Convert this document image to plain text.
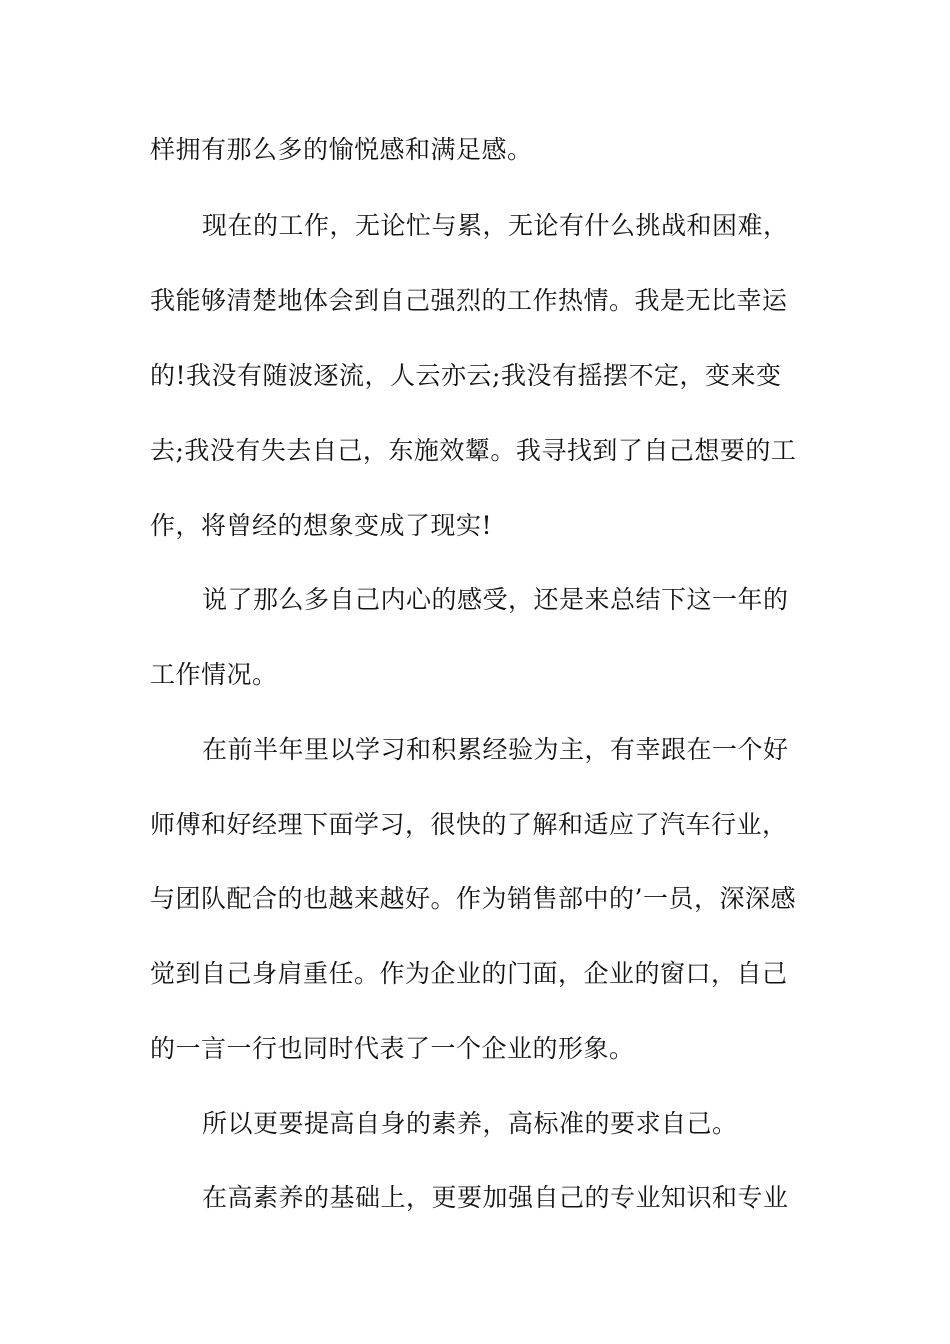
样拥有那么多的愉悦感和满足感。
现在的工作，无论忙与累，无论有什么挑战和困难，
我能够清楚地体会到自己强烈的工作热情。我是无比幸运
的!我没有随波逐流，人云亦云;我没有摇摆不定，变来变
去;我没有失去自己，东施效颦。我寻找到了自己想要的工
作，将曾经的想象变成了现实!
说了那么多自己内心的感受，还是来总结下这一年的
工作情况。
在前半年里以学习和积累经验为主，有幸跟在一个好
师傅和好经理下面学习，很快的了解和适应了汽车行业，
与团队配合的也越来越好。作为销售部中的’一员，深深感
觉到自己身肩重任。作为企业的门面，企业的窗口，自己
的一言一行也同时代表了一个企业的形象。
所以更要提高自身的素养，高标准的要求自己。
在高素养的基础上，更要加强自己的专业知识和专业
